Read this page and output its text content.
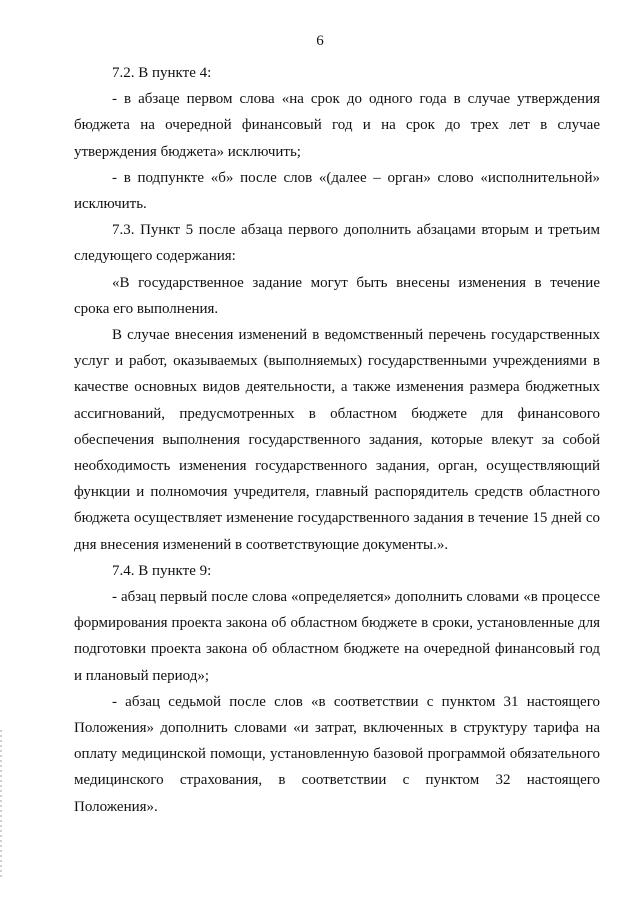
6

7.2. В пункте 4:

- в абзаце первом слова «на срок до одного года в случае утверждения бюджета на очередной финансовый год и на срок до трех лет в случае утверждения бюджета» исключить;

- в подпункте «б» после слов «(далее – орган» слово «исполнительной» исключить.

7.3. Пункт 5 после абзаца первого дополнить абзацами вторым и третьим следующего содержания:

«В государственное задание могут быть внесены изменения в течение срока его выполнения.

В случае внесения изменений в ведомственный перечень государственных услуг и работ, оказываемых (выполняемых) государственными учреждениями в качестве основных видов деятельности, а также изменения размера бюджетных ассигнований, предусмотренных в областном бюджете для финансового обеспечения выполнения государственного задания, которые влекут за собой необходимость изменения государственного задания, орган, осуществляющий функции и полномочия учредителя, главный распорядитель средств областного бюджета осуществляет изменение государственного задания в течение 15 дней со дня внесения изменений в соответствующие документы.».

7.4. В пункте 9:

- абзац первый после слова «определяется» дополнить словами «в процессе формирования проекта закона об областном бюджете в сроки, установленные для подготовки проекта закона об областном бюджете на очередной финансовый год и плановый период»;

- абзац седьмой после слов «в соответствии с пунктом 31 настоящего Положения» дополнить словами «и затрат, включенных в структуру тарифа на оплату медицинской помощи, установленную базовой программой обязательного медицинского страхования, в соответствии с пунктом 32 настоящего Положения».
